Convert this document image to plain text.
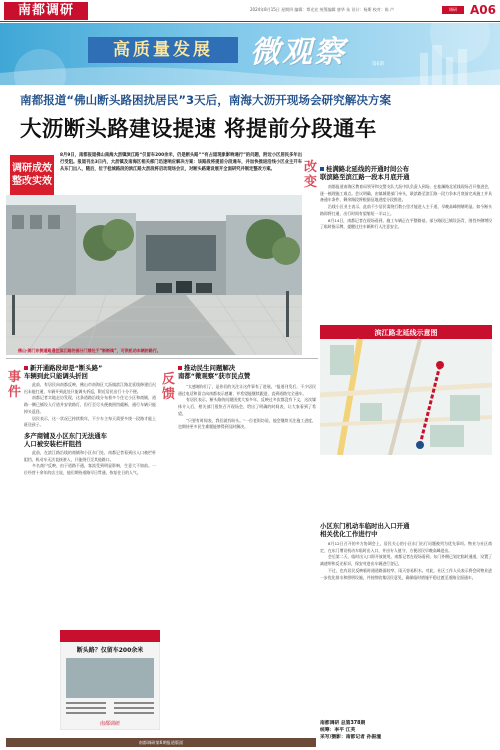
南都调研	2024年8月15日 星期四 编辑：覃光宏 统筹编辑 唐华 朱 设计：杨斯 校对：陈 卢	调研	A06
高质量发展	微观察	第6期
南都报道“佛山断头路困扰居民”3天后，南海大沥开现场会研究解决方案
大沥断头路建设提速 将提前分段通车
调研成效
整改实效
8月9日，南都报道佛山南海大沥镇滨江路“仅留车200余米，仍是断头路”“有占道现象影响通行”的问题，附近小区居民多年出行受阻。报道刊出3日内，大沥镇及南海区相关部门迅速响应解决方案：该路段将提前分段通车，并加快推进沿线小区业主开车从东门出入，随后，位于桂城路段的滨江路大沥段将启动现场会议，对断头路建设展开全面研究并制定整改方案。
佛山·阁门东侧道路通往滨江路的部分门禁处于“断断续”，可供机动车辆封路行。
改
变
桂满路北延线的开通时间公布
联滨路至滨江路一段本月底开通

南都报道南海区教育局领导和交警支队大沥中队负责人到场，在桂澜路北延线现场召开推进会，逐一梳理施工难点。会议明确，由镇城建部门牵头，联滨路至滨江路一段力争本月底前完成施工并具备通车条件，剩余路段将根据征地进度分段推进。

沿线小区业主表示，此前不少居民需绕行数公里才能进入主干道，早晚高峰拥堵明显。如今断头路即将打通，出行时间有望缩短一半以上。

8月14日，南都记者在现场看到，施工车辆正在平整路基，部分路段已铺设沥青，围挡外侧增设了临时指示牌，提醒过往车辆和行人注意安全。

滨江路北延线示意图
小区东门机动车临时出入口开通
相关优化工作进行中

8月12日召开的多方协调会上，居民关心的小区东门出行问题被列为优先事项。物业与社区商定，在东门增设机动车临时出入口，并由专人值守，方便居民早晚高峰进出。

会后第二天，临时出入口即开放使用。南都记者在现场看到，东门外侧已划定临时通道，设置了减速带和反光标识，保安对进出车辆进行登记。

不过，也有居民反映临时通道路面较窄，雨天容易积水。对此，社区工作人员表示将会同物业进一步优化排水和照明设施，并持续收集居民意见，确保临时措施平稳过渡至道路全面通车。

南都调研 总第378期
统筹：李平 江芙
采写/摄影：南都记者 孙振潼
事
件
新开通路段却是“断头路”
车辆到此只能调头折回

此前，有居民向南都反映，佛山市南海区大沥镇滨江路北延线修建后迟迟未能打通，车辆开到此处只能调头折返，附近居民出行十分不便。

南都记者实地走访发现，这条道路沿线分布着多个住宅小区和商铺，道路一侧已铺设人行道并安装路灯，但行至尽头便被围挡截断，通行车辆只能掉头返回。

居民表示，这一状况已持续数年，不少车主每天需要多绕一段路才能上班送孩子。

多产商铺及小区东门无法通车
人口被安装栏杆阻挡

此前，在滨江路沿线的商铺和小区东门处，南都记者看到出入口被栏杆阻挡，机动车无法直接驶入，只能绕行至其他路口。

多名商户反映，由于道路不通，客流受到明显影响，生意大不如前。一位经营十余年的店主说，他们期待道路早日贯通，恢复往日的人气。

反
馈
推动民生问题解决
南都“微观察”获市民点赞

“太感谢你们了，是你们的关注让这件事有了进展。”报道刊发后，不少居民通过电话和留言向南都表示感谢，并希望能继续跟进，直到道路完全通车。

有居民表示，断头路的问题困扰大家多年，反映过多次都没有下文，这次媒体介入后，相关部门很快召开现场会，给出了明确的时间表，让大家看到了希望。

“只要有时间表，我们就有盼头。”一位老街坊说，他会继续关注施工进度，也期待更多民生难题能够得到及时解决。

断头路？仅留车200余米
南都调研
南都调研第6期报道版面
